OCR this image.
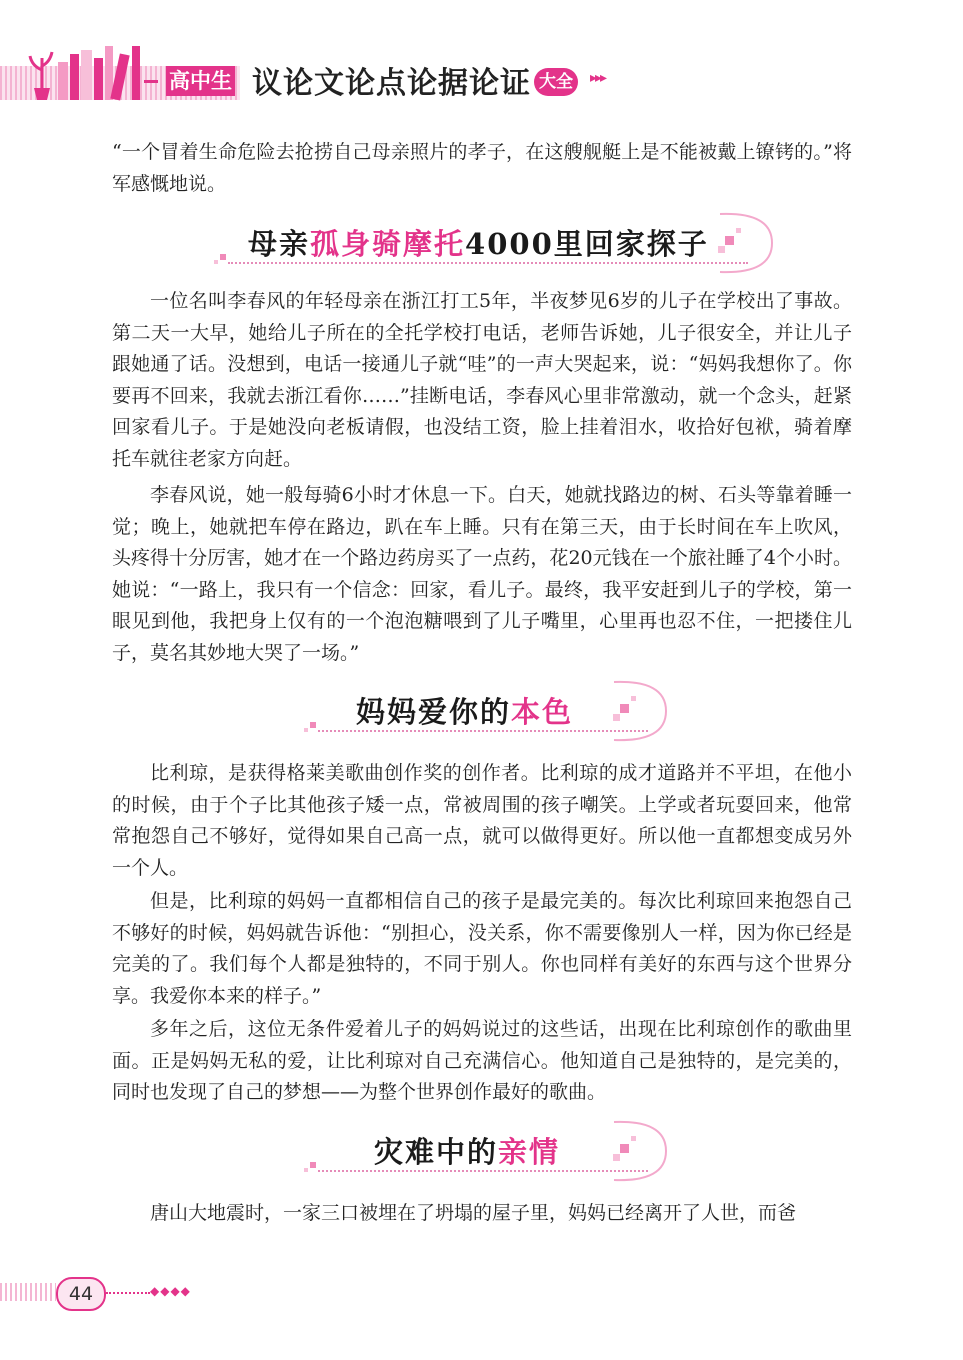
高中生 议论文论点论据论证 大全	▸▸▸

“一个冒着生命危险去抢捞自己母亲照片的孝子，在这艘舰艇上是不能被戴上镣铐的。”将军感慨地说。

母亲孤身骑摩托4000里回家探子

一位名叫李春风的年轻母亲在浙江打工5年，半夜梦见6岁的儿子在学校出了事故。第二天一大早，她给儿子所在的全托学校打电话，老师告诉她，儿子很安全，并让儿子跟她通了话。没想到，电话一接通儿子就“哇”的一声大哭起来，说：“妈妈我想你了。你要再不回来，我就去浙江看你……”挂断电话，李春风心里非常激动，就一个念头，赶紧回家看儿子。于是她没向老板请假，也没结工资，脸上挂着泪水，收拾好包袱，骑着摩托车就往老家方向赶。

李春风说，她一般每骑6小时才休息一下。白天，她就找路边的树、石头等靠着睡一觉；晚上，她就把车停在路边，趴在车上睡。只有在第三天，由于长时间在车上吹风，头疼得十分厉害，她才在一个路边药房买了一点药，花20元钱在一个旅社睡了4个小时。她说：“一路上，我只有一个信念：回家，看儿子。最终，我平安赶到儿子的学校，第一眼见到他，我把身上仅有的一个泡泡糖喂到了儿子嘴里，心里再也忍不住，一把搂住儿子，莫名其妙地大哭了一场。”

妈妈爱你的本色

比利琼，是获得格莱美歌曲创作奖的创作者。比利琼的成才道路并不平坦，在他小的时候，由于个子比其他孩子矮一点，常被周围的孩子嘲笑。上学或者玩耍回来，他常常抱怨自己不够好，觉得如果自己高一点，就可以做得更好。所以他一直都想变成另外一个人。

但是，比利琼的妈妈一直都相信自己的孩子是最完美的。每次比利琼回来抱怨自己不够好的时候，妈妈就告诉他：“别担心，没关系，你不需要像别人一样，因为你已经是完美的了。我们每个人都是独特的，不同于别人。你也同样有美好的东西与这个世界分享。我爱你本来的样子。”

多年之后，这位无条件爱着儿子的妈妈说过的这些话，出现在比利琼创作的歌曲里面。正是妈妈无私的爱，让比利琼对自己充满信心。他知道自己是独特的，是完美的，同时也发现了自己的梦想——为整个世界创作最好的歌曲。

灾难中的亲情

唐山大地震时，一家三口被埋在了坍塌的屋子里，妈妈已经离开了人世，而爸

44	◆◆◆◆
